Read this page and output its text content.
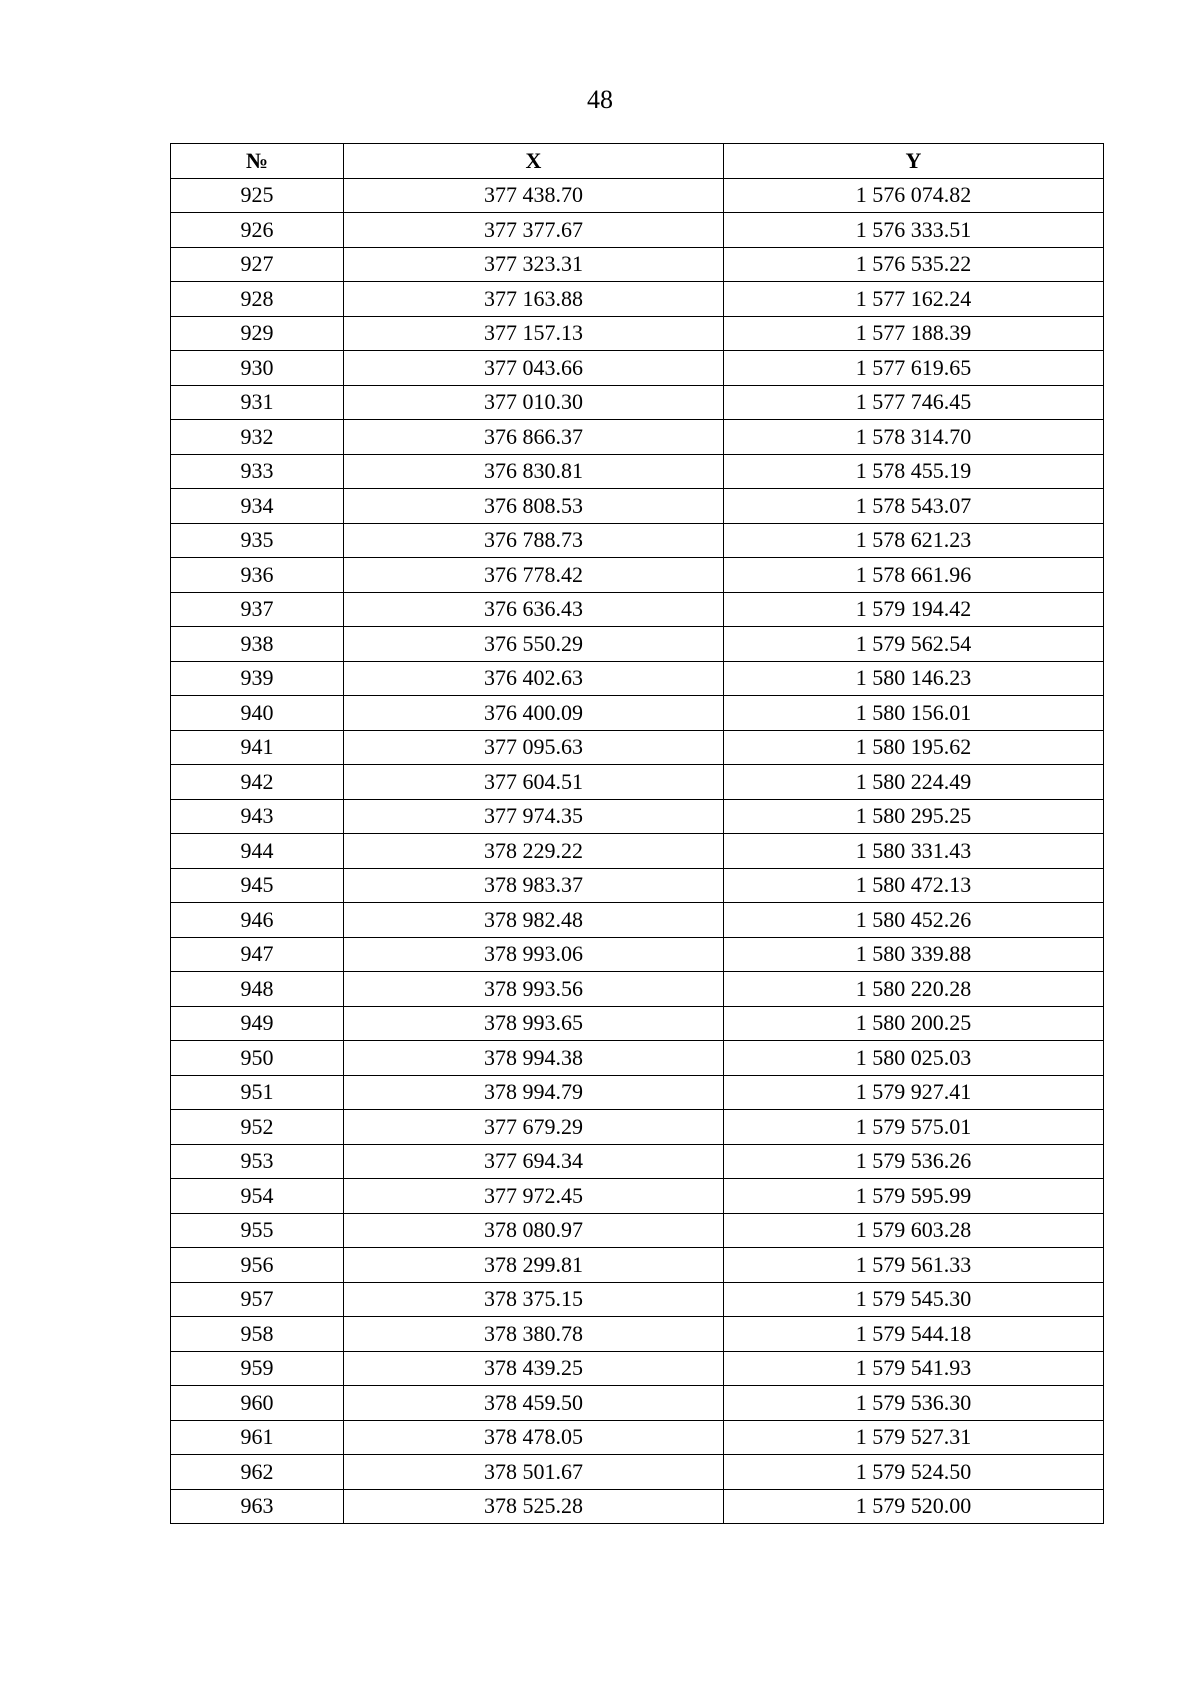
48
№	X	Y
925	377 438.70	1 576 074.82
926	377 377.67	1 576 333.51
927	377 323.31	1 576 535.22
928	377 163.88	1 577 162.24
929	377 157.13	1 577 188.39
930	377 043.66	1 577 619.65
931	377 010.30	1 577 746.45
932	376 866.37	1 578 314.70
933	376 830.81	1 578 455.19
934	376 808.53	1 578 543.07
935	376 788.73	1 578 621.23
936	376 778.42	1 578 661.96
937	376 636.43	1 579 194.42
938	376 550.29	1 579 562.54
939	376 402.63	1 580 146.23
940	376 400.09	1 580 156.01
941	377 095.63	1 580 195.62
942	377 604.51	1 580 224.49
943	377 974.35	1 580 295.25
944	378 229.22	1 580 331.43
945	378 983.37	1 580 472.13
946	378 982.48	1 580 452.26
947	378 993.06	1 580 339.88
948	378 993.56	1 580 220.28
949	378 993.65	1 580 200.25
950	378 994.38	1 580 025.03
951	378 994.79	1 579 927.41
952	377 679.29	1 579 575.01
953	377 694.34	1 579 536.26
954	377 972.45	1 579 595.99
955	378 080.97	1 579 603.28
956	378 299.81	1 579 561.33
957	378 375.15	1 579 545.30
958	378 380.78	1 579 544.18
959	378 439.25	1 579 541.93
960	378 459.50	1 579 536.30
961	378 478.05	1 579 527.31
962	378 501.67	1 579 524.50
963	378 525.28	1 579 520.00
